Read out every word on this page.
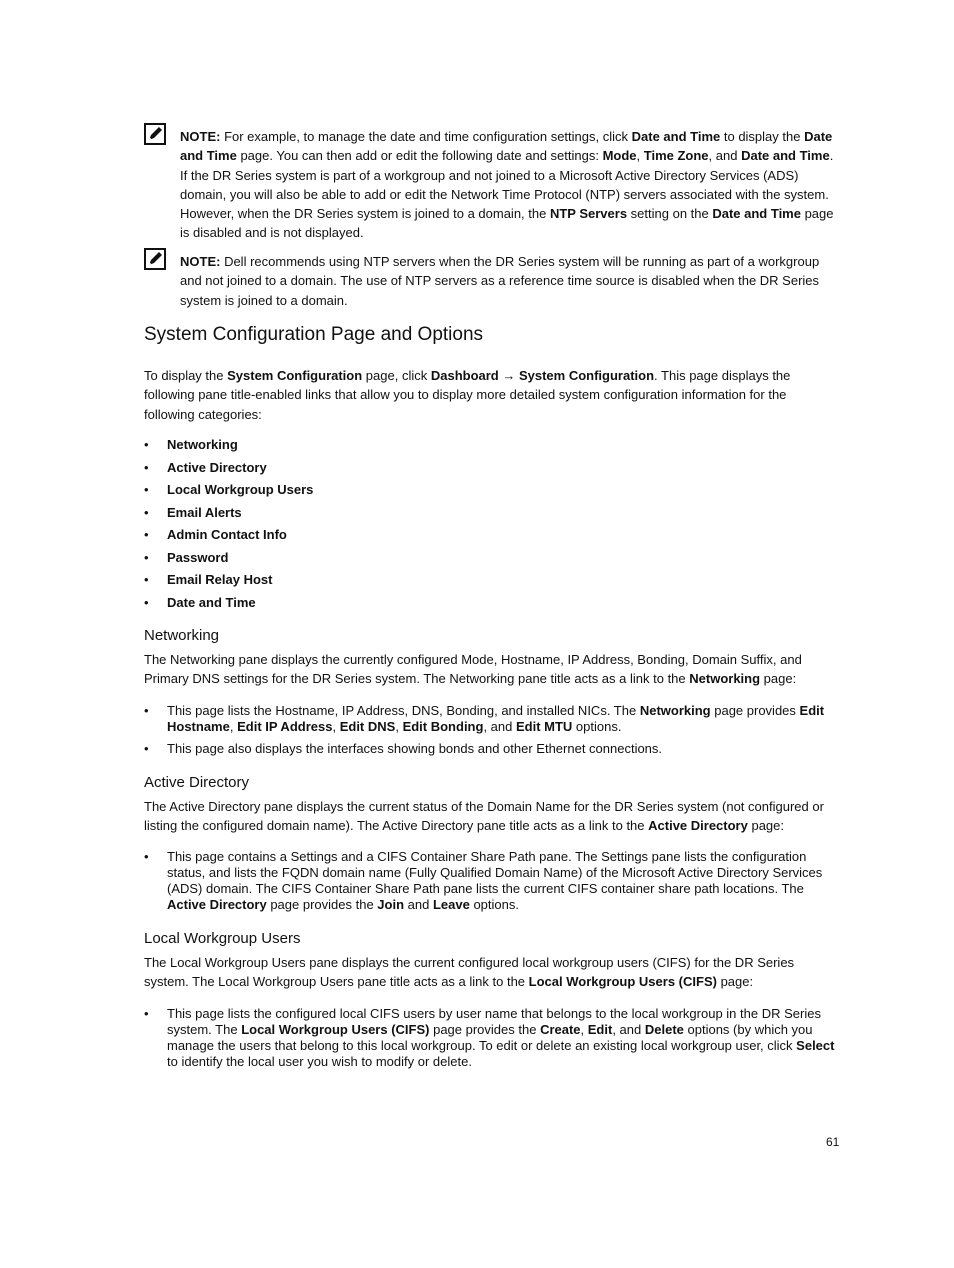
NOTE: For example, to manage the date and time configuration settings, click Date and Time to display the Date and Time page. You can then add or edit the following date and settings: Mode, Time Zone, and Date and Time. If the DR Series system is part of a workgroup and not joined to a Microsoft Active Directory Services (ADS) domain, you will also be able to add or edit the Network Time Protocol (NTP) servers associated with the system. However, when the DR Series system is joined to a domain, the NTP Servers setting on the Date and Time page is disabled and is not displayed.
NOTE: Dell recommends using NTP servers when the DR Series system will be running as part of a workgroup and not joined to a domain. The use of NTP servers as a reference time source is disabled when the DR Series system is joined to a domain.
System Configuration Page and Options
To display the System Configuration page, click Dashboard → System Configuration. This page displays the following pane title-enabled links that allow you to display more detailed system configuration information for the following categories:
• Networking
• Active Directory
• Local Workgroup Users
• Email Alerts
• Admin Contact Info
• Password
• Email Relay Host
• Date and Time
Networking
The Networking pane displays the currently configured Mode, Hostname, IP Address, Bonding, Domain Suffix, and Primary DNS settings for the DR Series system. The Networking pane title acts as a link to the Networking page:
• This page lists the Hostname, IP Address, DNS, Bonding, and installed NICs. The Networking page provides Edit Hostname, Edit IP Address, Edit DNS, Edit Bonding, and Edit MTU options.
• This page also displays the interfaces showing bonds and other Ethernet connections.
Active Directory
The Active Directory pane displays the current status of the Domain Name for the DR Series system (not configured or listing the configured domain name). The Active Directory pane title acts as a link to the Active Directory page:
• This page contains a Settings and a CIFS Container Share Path pane. The Settings pane lists the configuration status, and lists the FQDN domain name (Fully Qualified Domain Name) of the Microsoft Active Directory Services (ADS) domain. The CIFS Container Share Path pane lists the current CIFS container share path locations. The Active Directory page provides the Join and Leave options.
Local Workgroup Users
The Local Workgroup Users pane displays the current configured local workgroup users (CIFS) for the DR Series system. The Local Workgroup Users pane title acts as a link to the Local Workgroup Users (CIFS) page:
• This page lists the configured local CIFS users by user name that belongs to the local workgroup in the DR Series system. The Local Workgroup Users (CIFS) page provides the Create, Edit, and Delete options (by which you manage the users that belong to this local workgroup. To edit or delete an existing local workgroup user, click Select to identify the local user you wish to modify or delete.
61
